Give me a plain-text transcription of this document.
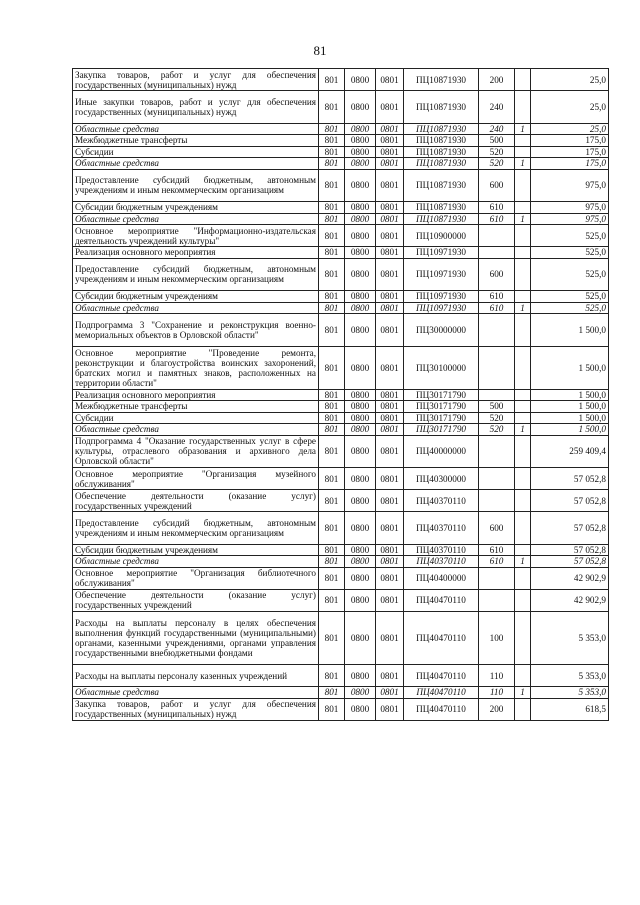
81
Закупка товаров, работ и услуг для обеспечения государственных (муниципальных) нужд	801	0800	0801	ПЦ10871930	200		25,0
Иные закупки товаров, работ и услуг для обеспечения государственных (муниципальных) нужд	801	0800	0801	ПЦ10871930	240		25,0
Областные средства	801	0800	0801	ПЦ10871930	240	1	25,0
Межбюджетные трансферты	801	0800	0801	ПЦ10871930	500		175,0
Субсидии	801	0800	0801	ПЦ10871930	520		175,0
Областные средства	801	0800	0801	ПЦ10871930	520	1	175,0
Предоставление субсидий бюджетным, автономным учреждениям и иным некоммерческим организациям	801	0800	0801	ПЦ10871930	600		975,0
Субсидии бюджетным учреждениям	801	0800	0801	ПЦ10871930	610		975,0
Областные средства	801	0800	0801	ПЦ10871930	610	1	975,0
Основное мероприятие "Информационно-издательская деятельность учреждений культуры"	801	0800	0801	ПЦ10900000			525,0
Реализация основного мероприятия	801	0800	0801	ПЦ10971930			525,0
Предоставление субсидий бюджетным, автономным учреждениям и иным некоммерческим организациям	801	0800	0801	ПЦ10971930	600		525,0
Субсидии бюджетным учреждениям	801	0800	0801	ПЦ10971930	610		525,0
Областные средства	801	0800	0801	ПЦ10971930	610	1	525,0
Подпрограмма 3 "Сохранение и реконструкция военно-мемориальных объектов в Орловской области"	801	0800	0801	ПЦ30000000			1 500,0
Основное мероприятие "Проведение ремонта, реконструкции и благоустройства воинских захоронений, братских могил и памятных знаков, расположенных на территории области"	801	0800	0801	ПЦ30100000			1 500,0
Реализация основного мероприятия	801	0800	0801	ПЦ30171790			1 500,0
Межбюджетные трансферты	801	0800	0801	ПЦ30171790	500		1 500,0
Субсидии	801	0800	0801	ПЦ30171790	520		1 500,0
Областные средства	801	0800	0801	ПЦ30171790	520	1	1 500,0
Подпрограмма 4 "Оказание государственных услуг в сфере культуры, отраслевого образования и архивного дела Орловской области"	801	0800	0801	ПЦ40000000			259 409,4
Основное мероприятие "Организация музейного обслуживания"	801	0800	0801	ПЦ40300000			57 052,8
Обеспечение деятельности (оказание услуг) государственных учреждений	801	0800	0801	ПЦ40370110			57 052,8
Предоставление субсидий бюджетным, автономным учреждениям и иным некоммерческим организациям	801	0800	0801	ПЦ40370110	600		57 052,8
Субсидии бюджетным учреждениям	801	0800	0801	ПЦ40370110	610		57 052,8
Областные средства	801	0800	0801	ПЦ40370110	610	1	57 052,8
Основное мероприятие "Организация библиотечного обслуживания"	801	0800	0801	ПЦ40400000			42 902,9
Обеспечение деятельности (оказание услуг) государственных учреждений	801	0800	0801	ПЦ40470110			42 902,9
Расходы на выплаты персоналу в целях обеспечения выполнения функций государственными (муниципальными) органами, казенными учреждениями, органами управления государственными внебюджетными фондами	801	0800	0801	ПЦ40470110	100		5 353,0
Расходы на выплаты персоналу казенных учреждений	801	0800	0801	ПЦ40470110	110		5 353,0
Областные средства	801	0800	0801	ПЦ40470110	110	1	5 353,0
Закупка товаров, работ и услуг для обеспечения государственных (муниципальных) нужд	801	0800	0801	ПЦ40470110	200		618,5
